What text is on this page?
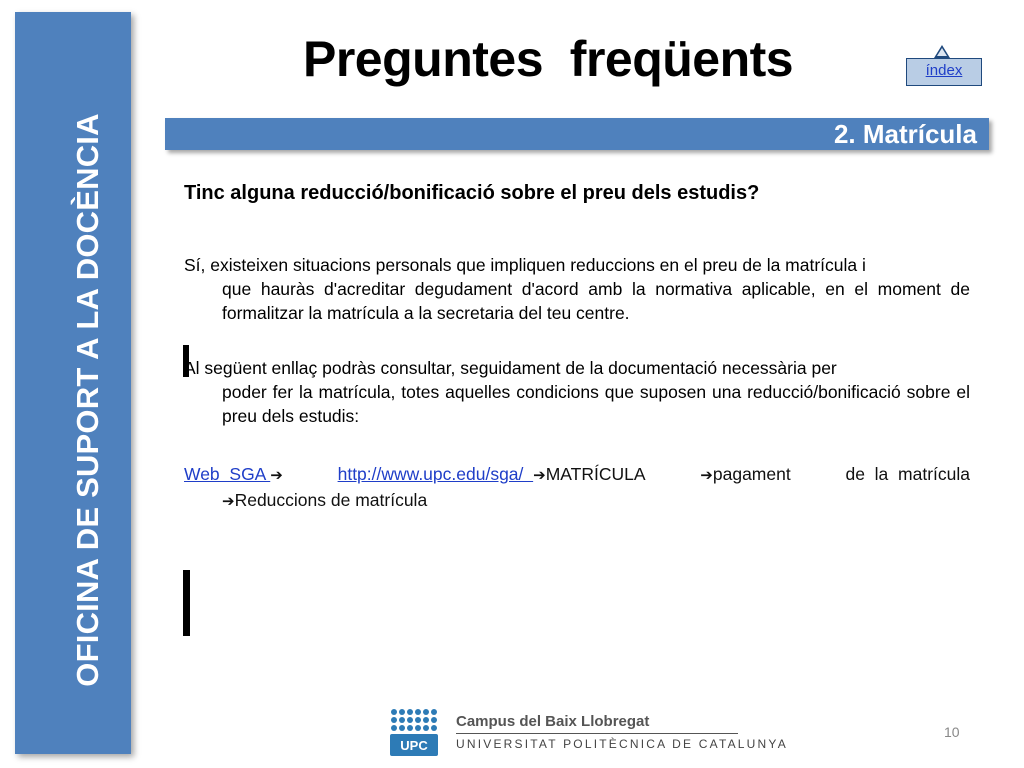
OFICINA DE SUPORT A LA DOCÈNCIA
Preguntes  freqüents	índex
2. Matrícula
Tinc alguna reducció/bonificació sobre el preu dels estudis?
Sí, existeixen situacions personals que impliquen reduccions en el preu de la matrícula i
que hauràs d'acreditar degudament d'acord amb la normativa aplicable, en el moment de formalitzar la matrícula a la secretaria del teu centre.
Al següent enllaç podràs consultar, seguidament de la documentació necessària per
poder fer la matrícula, totes aquelles condicions que suposen una reducció/bonificació sobre el preu dels estudis:
Web  SGA ➔	http://www.upc.edu/sga/  ➔MATRÍCULA	➔pagament	de  la  matrícula
➔Reduccions de matrícula
UPC
Campus del Baix Llobregat
UNIVERSITAT POLITÈCNICA DE CATALUNYA
10
